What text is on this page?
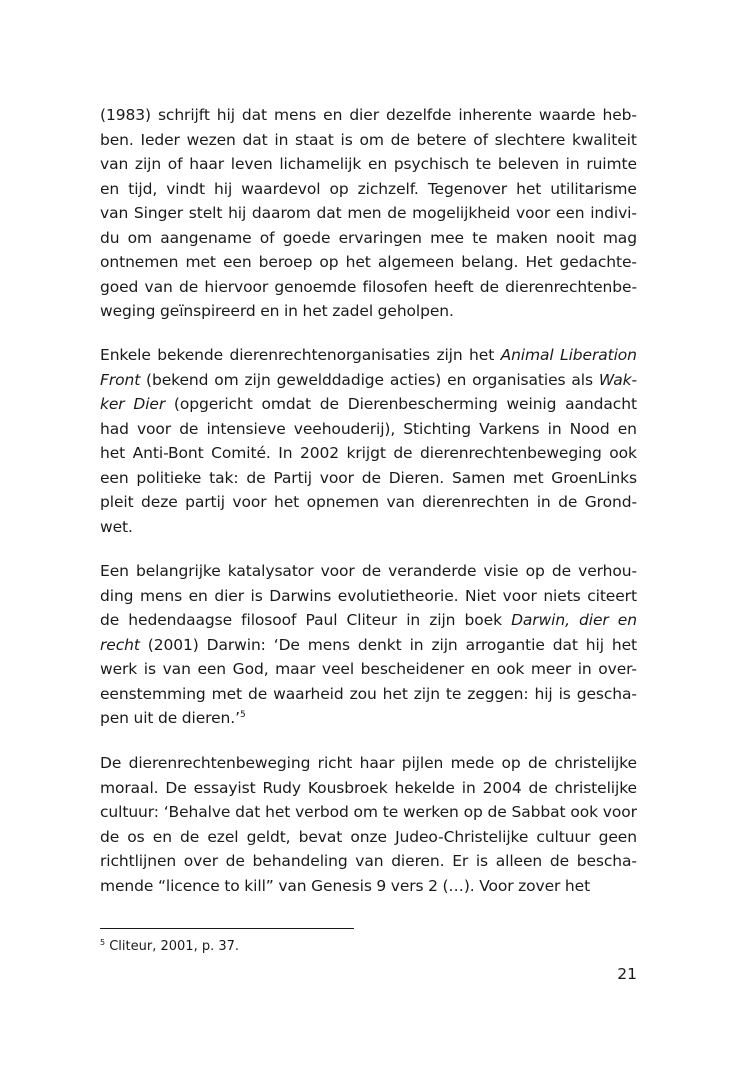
(1983) schrijft hij dat mens en dier dezelfde inherente waarde heb-
ben. Ieder wezen dat in staat is om de betere of slechtere kwaliteit
van zijn of haar leven lichamelijk en psychisch te beleven in ruimte
en tijd, vindt hij waardevol op zichzelf. Tegenover het utilitarisme
van Singer stelt hij daarom dat men de mogelijkheid voor een indivi-
du om aangename of goede ervaringen mee te maken nooit mag
ontnemen met een beroep op het algemeen belang. Het gedachte-
goed van de hiervoor genoemde filosofen heeft de dierenrechtenbe-
weging geïnspireerd en in het zadel geholpen.
Enkele bekende dierenrechtenorganisaties zijn het Animal Liberation
Front (bekend om zijn gewelddadige acties) en organisaties als Wak-
ker Dier (opgericht omdat de Dierenbescherming weinig aandacht
had voor de intensieve veehouderij), Stichting Varkens in Nood en
het Anti-Bont Comité. In 2002 krijgt de dierenrechtenbeweging ook
een politieke tak: de Partij voor de Dieren. Samen met GroenLinks
pleit deze partij voor het opnemen van dierenrechten in de Grond-
wet.
Een belangrijke katalysator voor de veranderde visie op de verhou-
ding mens en dier is Darwins evolutietheorie. Niet voor niets citeert
de hedendaagse filosoof Paul Cliteur in zijn boek Darwin, dier en
recht (2001) Darwin: ‘De mens denkt in zijn arrogantie dat hij het
werk is van een God, maar veel bescheidener en ook meer in over-
eenstemming met de waarheid zou het zijn te zeggen: hij is gescha-
pen uit de dieren.’$^5$
De dierenrechtenbeweging richt haar pijlen mede op de christelijke
moraal. De essayist Rudy Kousbroek hekelde in 2004 de christelijke
cultuur: ‘Behalve dat het verbod om te werken op de Sabbat ook voor
de os en de ezel geldt, bevat onze Judeo-Christelijke cultuur geen
richtlijnen over de behandeling van dieren. Er is alleen de bescha-
mende “licence to kill” van Genesis 9 vers 2 (…). Voor zover het
$^5$ Cliteur, 2001, p. 37.
21
